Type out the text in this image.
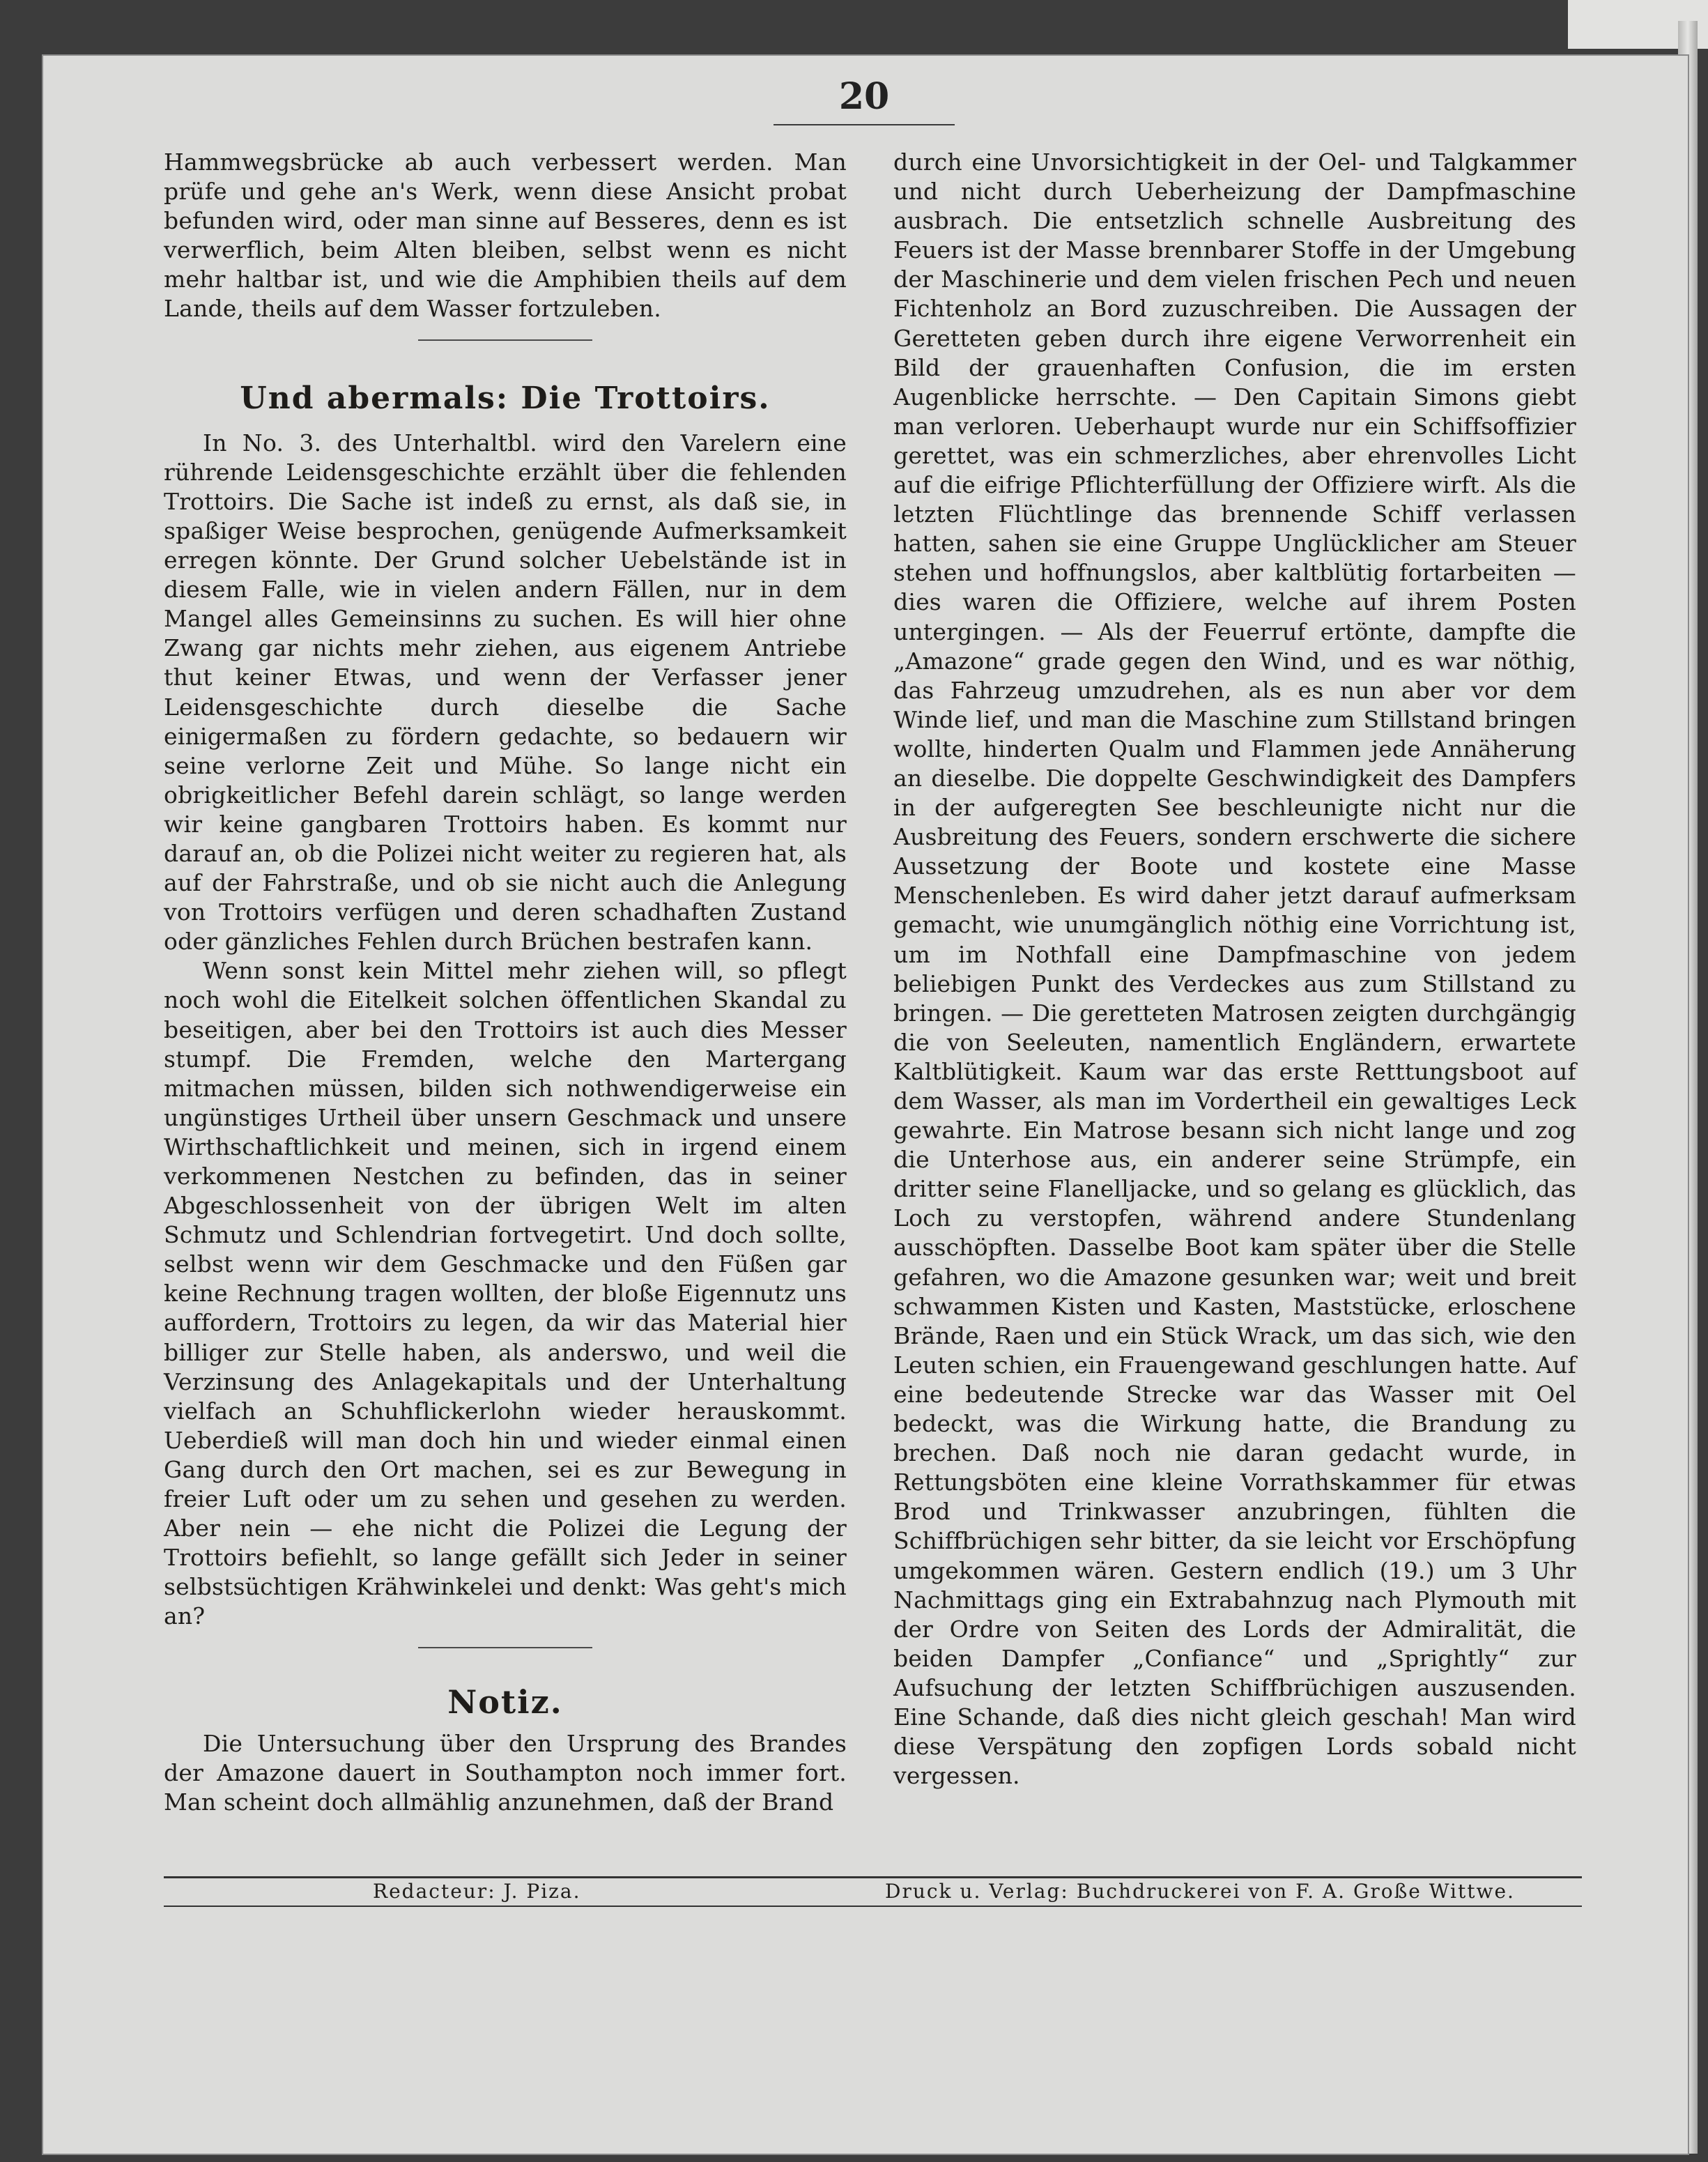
20

Hammwegsbrücke ab auch verbessert werden. Man prüfe und gehe an's Werk, wenn diese Ansicht probat befunden wird, oder man sinne auf Besseres, denn es ist verwerflich, beim Alten bleiben, selbst wenn es nicht mehr haltbar ist, und wie die Amphibien theils auf dem Lande, theils auf dem Wasser fortzuleben.

Und abermals: Die Trottoirs.

In No. 3. des Unterhaltbl. wird den Varelern eine rührende Leidensgeschichte erzählt über die fehlenden Trottoirs. Die Sache ist indeß zu ernst, als daß sie, in spaßiger Weise besprochen, genügende Aufmerksamkeit erregen könnte. Der Grund solcher Uebelstände ist in diesem Falle, wie in vielen andern Fällen, nur in dem Mangel alles Gemeinsinns zu suchen. Es will hier ohne Zwang gar nichts mehr ziehen, aus eigenem Antriebe thut keiner Etwas, und wenn der Verfasser jener Leidensgeschichte durch dieselbe die Sache einigermaßen zu fördern gedachte, so bedauern wir seine verlorne Zeit und Mühe. So lange nicht ein obrigkeitlicher Befehl darein schlägt, so lange werden wir keine gangbaren Trottoirs haben. Es kommt nur darauf an, ob die Polizei nicht weiter zu regieren hat, als auf der Fahrstraße, und ob sie nicht auch die Anlegung von Trottoirs verfügen und deren schadhaften Zustand oder gänzliches Fehlen durch Brüchen bestrafen kann.

Wenn sonst kein Mittel mehr ziehen will, so pflegt noch wohl die Eitelkeit solchen öffentlichen Skandal zu beseitigen, aber bei den Trottoirs ist auch dies Messer stumpf. Die Fremden, welche den Martergang mitmachen müssen, bilden sich nothwendigerweise ein ungünstiges Urtheil über unsern Geschmack und unsere Wirthschaftlichkeit und meinen, sich in irgend einem verkommenen Nestchen zu befinden, das in seiner Abgeschlossenheit von der übrigen Welt im alten Schmutz und Schlendrian fortvegetirt. Und doch sollte, selbst wenn wir dem Geschmacke und den Füßen gar keine Rechnung tragen wollten, der bloße Eigennutz uns auffordern, Trottoirs zu legen, da wir das Material hier billiger zur Stelle haben, als anderswo, und weil die Verzinsung des Anlagekapitals und der Unterhaltung vielfach an Schuhflickerlohn wieder herauskommt. Ueberdieß will man doch hin und wieder einmal einen Gang durch den Ort machen, sei es zur Bewegung in freier Luft oder um zu sehen und gesehen zu werden. Aber nein — ehe nicht die Polizei die Legung der Trottoirs befiehlt, so lange gefällt sich Jeder in seiner selbstsüchtigen Krähwinkelei und denkt: Was geht's mich an?

Notiz.

Die Untersuchung über den Ursprung des Brandes der Amazone dauert in Southampton noch immer fort. Man scheint doch allmählig anzunehmen, daß der Brand

durch eine Unvorsichtigkeit in der Oel- und Talgkammer und nicht durch Ueberheizung der Dampfmaschine ausbrach. Die entsetzlich schnelle Ausbreitung des Feuers ist der Masse brennbarer Stoffe in der Umgebung der Maschinerie und dem vielen frischen Pech und neuen Fichtenholz an Bord zuzuschreiben. Die Aussagen der Geretteten geben durch ihre eigene Verworrenheit ein Bild der grauenhaften Confusion, die im ersten Augenblicke herrschte. — Den Capitain Simons giebt man verloren. Ueberhaupt wurde nur ein Schiffsoffizier gerettet, was ein schmerzliches, aber ehrenvolles Licht auf die eifrige Pflichterfüllung der Offiziere wirft. Als die letzten Flüchtlinge das brennende Schiff verlassen hatten, sahen sie eine Gruppe Unglücklicher am Steuer stehen und hoffnungslos, aber kaltblütig fortarbeiten — dies waren die Offiziere, welche auf ihrem Posten untergingen. — Als der Feuerruf ertönte, dampfte die „Amazone“ grade gegen den Wind, und es war nöthig, das Fahrzeug umzudrehen, als es nun aber vor dem Winde lief, und man die Maschine zum Stillstand bringen wollte, hinderten Qualm und Flammen jede Annäherung an dieselbe. Die doppelte Geschwindigkeit des Dampfers in der aufgeregten See beschleunigte nicht nur die Ausbreitung des Feuers, sondern erschwerte die sichere Aussetzung der Boote und kostete eine Masse Menschenleben. Es wird daher jetzt darauf aufmerksam gemacht, wie unumgänglich nöthig eine Vorrichtung ist, um im Nothfall eine Dampfmaschine von jedem beliebigen Punkt des Verdeckes aus zum Stillstand zu bringen. — Die geretteten Matrosen zeigten durchgängig die von Seeleuten, namentlich Engländern, erwartete Kaltblütigkeit. Kaum war das erste Retttungsboot auf dem Wasser, als man im Vordertheil ein gewaltiges Leck gewahrte. Ein Matrose besann sich nicht lange und zog die Unterhose aus, ein anderer seine Strümpfe, ein dritter seine Flanelljacke, und so gelang es glücklich, das Loch zu verstopfen, während andere Stundenlang ausschöpften. Dasselbe Boot kam später über die Stelle gefahren, wo die Amazone gesunken war; weit und breit schwammen Kisten und Kasten, Maststücke, erloschene Brände, Raen und ein Stück Wrack, um das sich, wie den Leuten schien, ein Frauengewand geschlungen hatte. Auf eine bedeutende Strecke war das Wasser mit Oel bedeckt, was die Wirkung hatte, die Brandung zu brechen. Daß noch nie daran gedacht wurde, in Rettungsböten eine kleine Vorrathskammer für etwas Brod und Trinkwasser anzubringen, fühlten die Schiffbrüchigen sehr bitter, da sie leicht vor Erschöpfung umgekommen wären. Gestern endlich (19.) um 3 Uhr Nachmittags ging ein Extrabahnzug nach Plymouth mit der Ordre von Seiten des Lords der Admiralität, die beiden Dampfer „Confiance“ und „Sprightly“ zur Aufsuchung der letzten Schiffbrüchigen auszusenden. Eine Schande, daß dies nicht gleich geschah! Man wird diese Verspätung den zopfigen Lords sobald nicht vergessen.

Redacteur: J. Piza.	Druck u. Verlag: Buchdruckerei von F. A. Große Wittwe.
